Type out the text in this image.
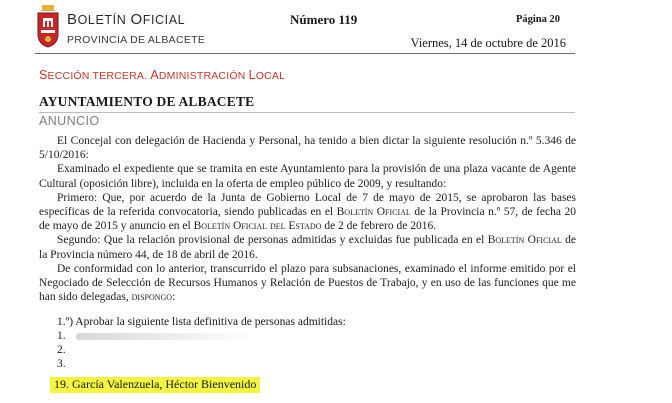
BOLETÍN OFICIAL
PROVINCIA DE ALBACETE
Número 119	Página 20
Viernes, 14 de octubre de 2016
SECCIÓN TERCERA. ADMINISTRACIÓN LOCAL
AYUNTAMIENTO DE ALBACETE
ANUNCIO

El Concejal con delegación de Hacienda y Personal, ha tenido a bien dictar la siguiente resolución n.º 5.346 de 5/10/2016:

Examinado el expediente que se tramita en este Ayuntamiento para la provisión de una plaza vacante de Agente Cultural (oposición libre), incluida en la oferta de empleo público de 2009, y resultando:

Primero: Que, por acuerdo de la Junta de Gobierno Local de 7 de mayo de 2015, se aprobaron las bases específicas de la referida convocatoria, siendo publicadas en el Boletín Oficial de la Provincia n.º 57, de fecha 20 de mayo de 2015 y anuncio en el Boletín Oficial del Estado de 2 de febrero de 2016.

Segundo: Que la relación provisional de personas admitidas y excluidas fue publicada en el Boletín Oficial de la Provincia número 44, de 18 de abril de 2016.

De conformidad con lo anterior, transcurrido el plazo para subsanaciones, examinado el informe emitido por el Negociado de Selección de Recursos Humanos y Relación de Puestos de Trabajo, y en uso de las funciones que me han sido delegadas, dispongo:

1.º) Aprobar la siguiente lista definitiva de personas admitidas:
1.
2.
3.
19. García Valenzuela, Héctor Bienvenido
